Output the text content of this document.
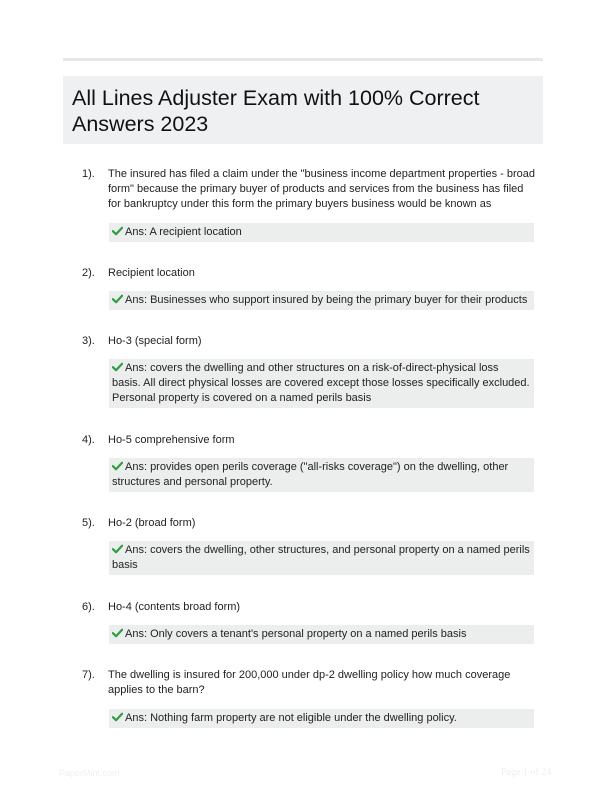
All Lines Adjuster Exam with 100% Correct Answers 2023
1). The insured has filed a claim under the "business income department properties - broad form" because the primary buyer of products and services from the business has filed for bankruptcy under this form the primary buyers business would be known as
Ans: A recipient location
2). Recipient location
Ans: Businesses who support insured by being the primary buyer for their products
3). Ho-3 (special form)
Ans: covers the dwelling and other structures on a risk-of-direct-physical loss basis. All direct physical losses are covered except those losses specifically excluded. Personal property is covered on a named perils basis
4). Ho-5 comprehensive form
Ans: provides open perils coverage ("all-risks coverage") on the dwelling, other structures and personal property.
5). Ho-2 (broad form)
Ans: covers the dwelling, other structures, and personal property on a named perils basis
6). Ho-4 (contents broad form)
Ans: Only covers a tenant's personal property on a named perils basis
7). The dwelling is insured for 200,000 under dp-2 dwelling policy how much coverage applies to the barn?
Ans: Nothing farm property are not eligible under the dwelling policy.
PaperMint.com	Page 1 of 24
